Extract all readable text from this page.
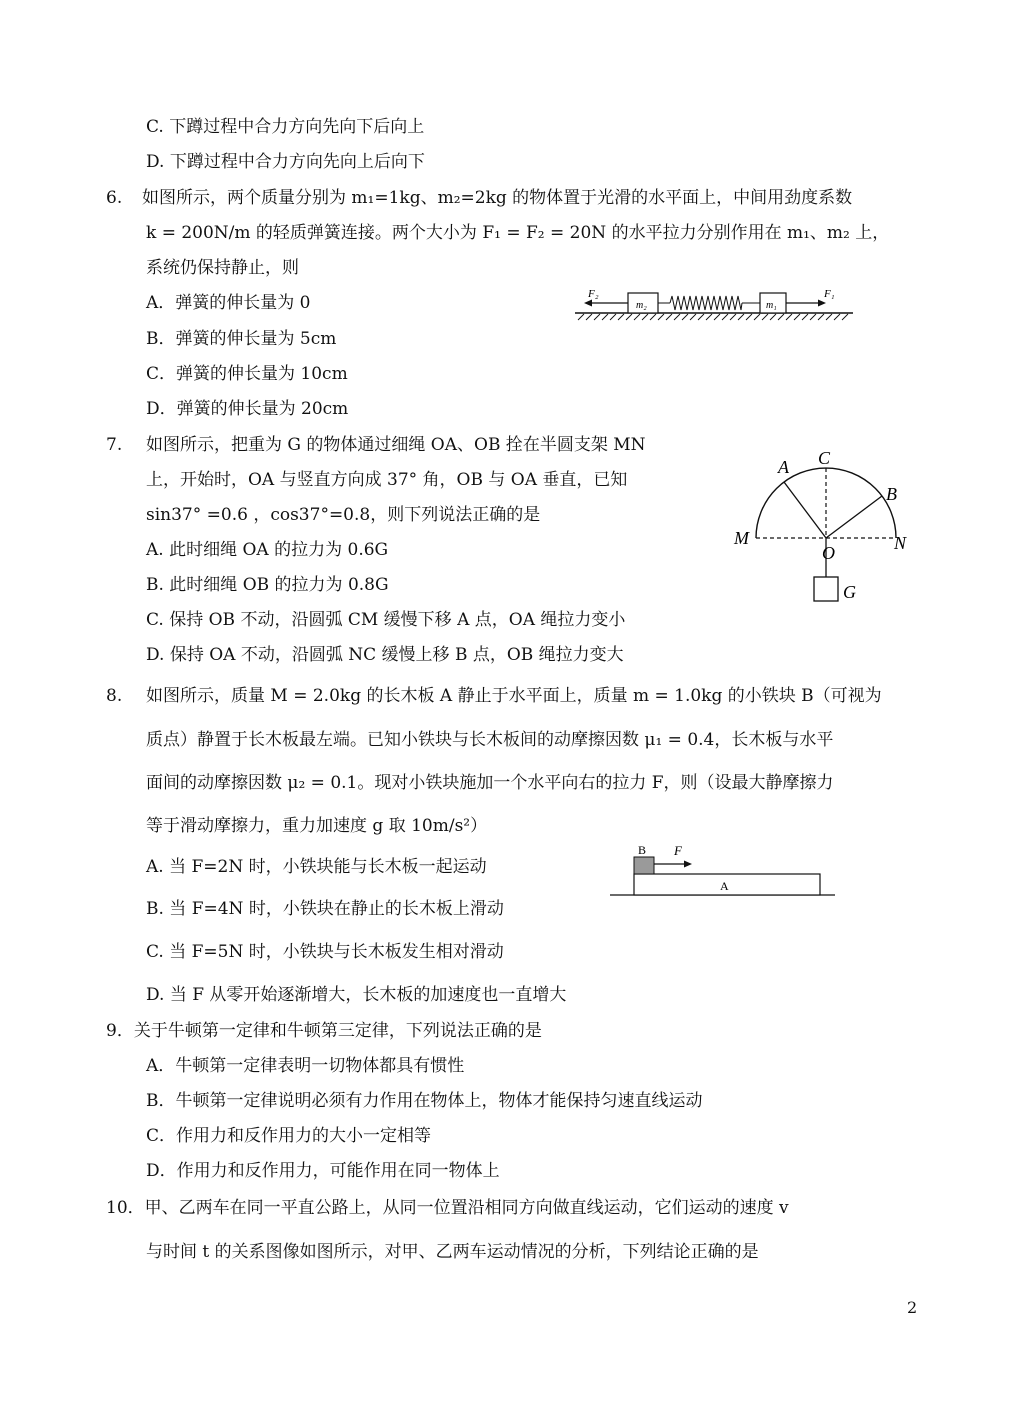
C. 下蹲过程中合力方向先向下后向上
D. 下蹲过程中合力方向先向上后向下
6. 如图所示，两个质量分别为 m₁=1kg、m₂=2kg 的物体置于光滑的水平面上，中间用劲度系数
k = 200N/m 的轻质弹簧连接。两个大小为 F₁ = F₂ = 20N 的水平拉力分别作用在 m₁、m₂ 上，
系统仍保持静止，则
A．弹簧的伸长量为 0
B．弹簧的伸长量为 5cm
C．弹簧的伸长量为 10cm
D．弹簧的伸长量为 20cm
7. 如图所示，把重为 G 的物体通过细绳 OA、OB 拴在半圆支架 MN
上，开始时，OA 与竖直方向成 37° 角，OB 与 OA 垂直，已知
sin37° =0.6 ，cos37°=0.8，则下列说法正确的是
A. 此时细绳 OA 的拉力为 0.6G
B. 此时细绳 OB 的拉力为 0.8G
C. 保持 OB 不动，沿圆弧 CM 缓慢下移 A 点，OA 绳拉力变小
D. 保持 OA 不动，沿圆弧 NC 缓慢上移 B 点，OB 绳拉力变大
8. 如图所示，质量 M = 2.0kg 的长木板 A 静止于水平面上，质量 m = 1.0kg 的小铁块 B（可视为
质点）静置于长木板最左端。已知小铁块与长木板间的动摩擦因数 μ₁ = 0.4，长木板与水平
面间的动摩擦因数 μ₂ = 0.1。现对小铁块施加一个水平向右的拉力 F，则（设最大静摩擦力
等于滑动摩擦力，重力加速度 g 取 10m/s²）
A. 当 F=2N 时，小铁块能与长木板一起运动
B. 当 F=4N 时，小铁块在静止的长木板上滑动
C. 当 F=5N 时，小铁块与长木板发生相对滑动
D. 当 F 从零开始逐渐增大，长木板的加速度也一直增大
9．关于牛顿第一定律和牛顿第三定律，下列说法正确的是
A．牛顿第一定律表明一切物体都具有惯性
B．牛顿第一定律说明必须有力作用在物体上，物体才能保持匀速直线运动
C．作用力和反作用力的大小一定相等
D．作用力和反作用力，可能作用在同一物体上
10．甲、乙两车在同一平直公路上，从同一位置沿相同方向做直线运动，它们运动的速度 v
与时间 t 的关系图像如图所示，对甲、乙两车运动情况的分析，下列结论正确的是
F₂
m₂	m₁
F₁
A C
B
M
O	N
G
B F
A
2
